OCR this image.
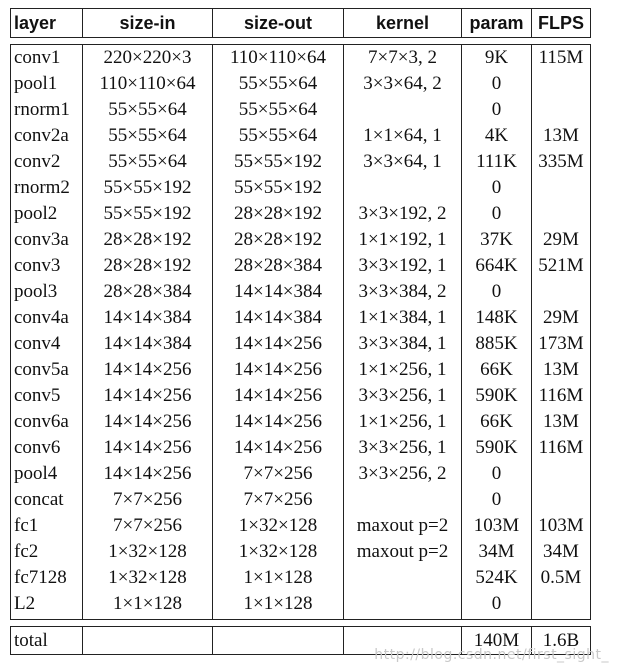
layer	size-in	size-out	kernel	param	FLPS

conv1	220×220×3	110×110×64	7×7×3, 2	9K	115M
pool1	110×110×64	55×55×64	3×3×64, 2	0	
rnorm1	55×55×64	55×55×64		0	
conv2a	55×55×64	55×55×64	1×1×64, 1	4K	13M
conv2	55×55×64	55×55×192	3×3×64, 1	111K	335M
rnorm2	55×55×192	55×55×192		0	
pool2	55×55×192	28×28×192	3×3×192, 2	0	
conv3a	28×28×192	28×28×192	1×1×192, 1	37K	29M
conv3	28×28×192	28×28×384	3×3×192, 1	664K	521M
pool3	28×28×384	14×14×384	3×3×384, 2	0	
conv4a	14×14×384	14×14×384	1×1×384, 1	148K	29M
conv4	14×14×384	14×14×256	3×3×384, 1	885K	173M
conv5a	14×14×256	14×14×256	1×1×256, 1	66K	13M
conv5	14×14×256	14×14×256	3×3×256, 1	590K	116M
conv6a	14×14×256	14×14×256	1×1×256, 1	66K	13M
conv6	14×14×256	14×14×256	3×3×256, 1	590K	116M
pool4	14×14×256	7×7×256	3×3×256, 2	0	
concat	7×7×256	7×7×256		0	
fc1	7×7×256	1×32×128	maxout p=2	103M	103M
fc2	1×32×128	1×32×128	maxout p=2	34M	34M
fc7128	1×32×128	1×1×128		524K	0.5M
L2	1×1×128	1×1×128		0	

total				140M	1.6B
http://blog.csdn.net/first_sight_
